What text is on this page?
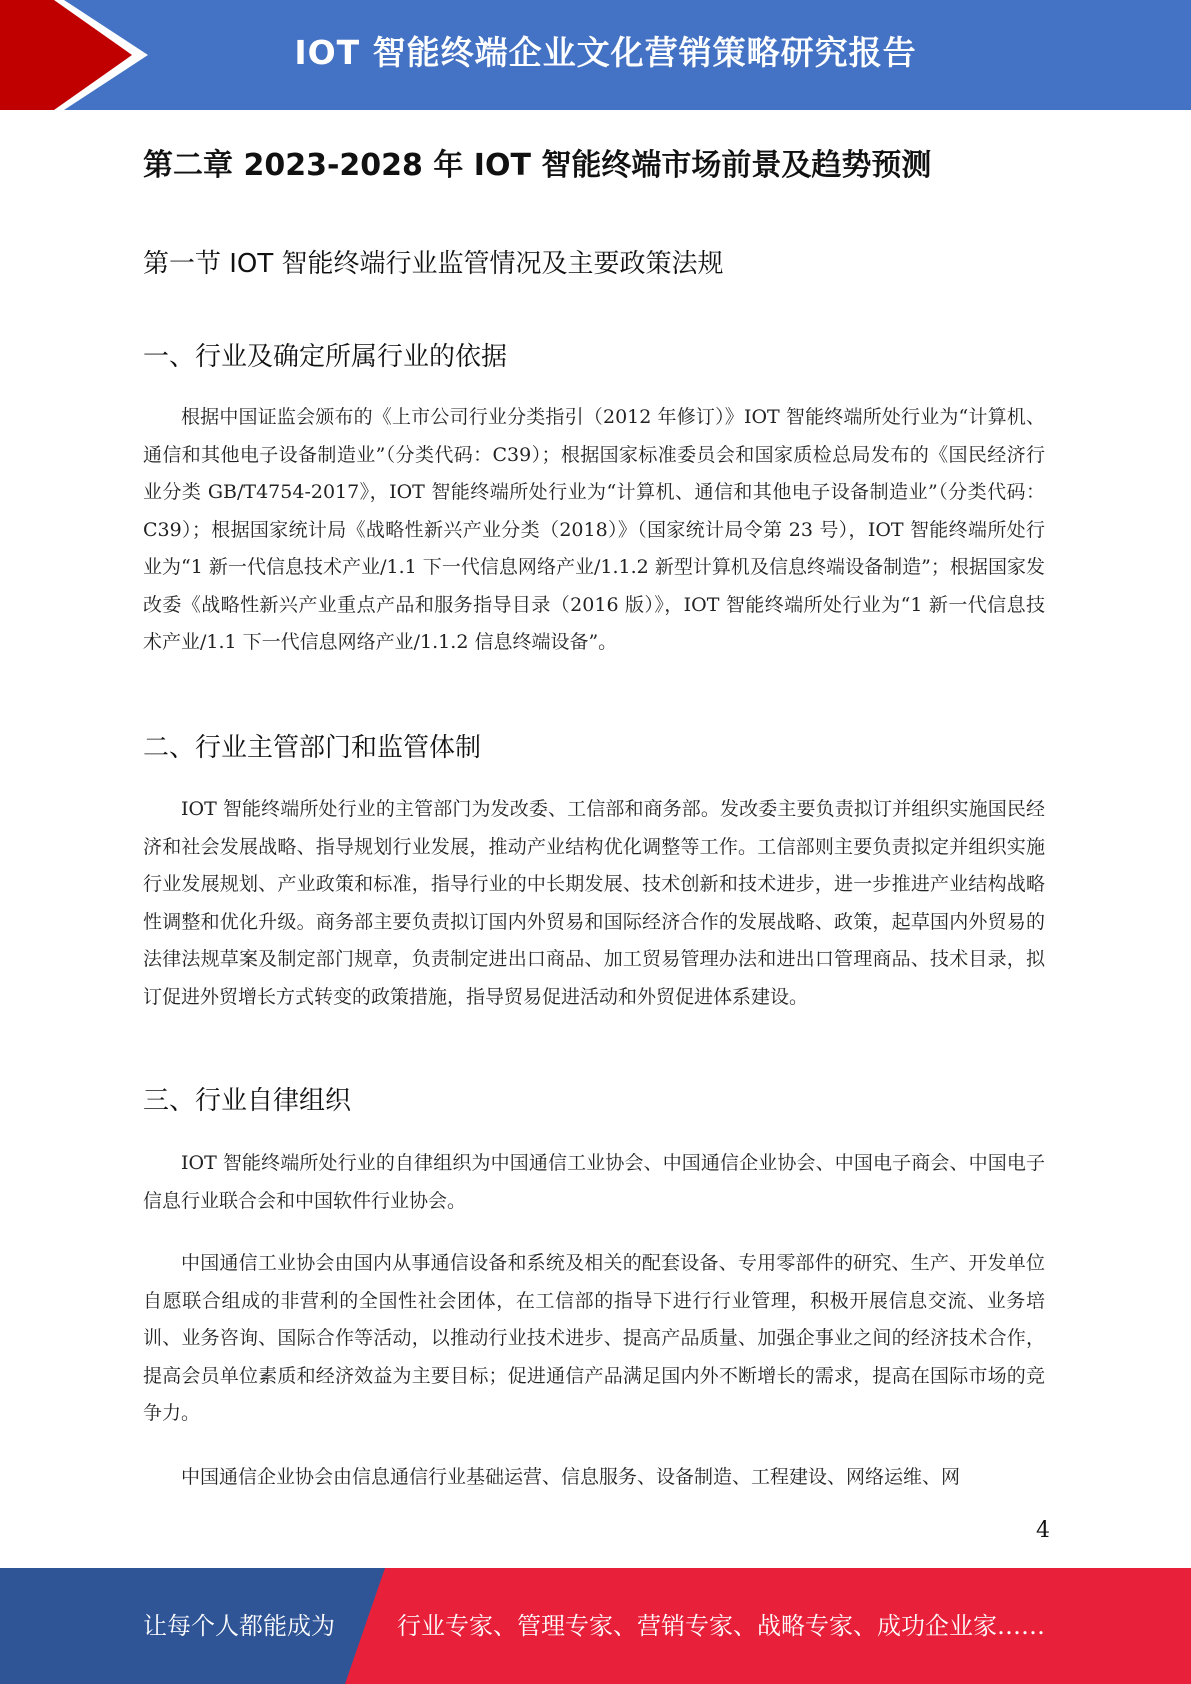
IOT 智能终端企业文化营销策略研究报告
第二章 2023-2028 年 IOT 智能终端市场前景及趋势预测
第一节 IOT 智能终端行业监管情况及主要政策法规
一、行业及确定所属行业的依据

根据中国证监会颁布的《上市公司行业分类指引（2012 年修订）》IOT 智能终端所处行业为“计算机、通信和其他电子设备制造业”（分类代码：C39）；根据国家标准委员会和国家质检总局发布的《国民经济行业分类 GB/T4754-2017》，IOT 智能终端所处行业为“计算机、通信和其他电子设备制造业”（分类代码：C39）；根据国家统计局《战略性新兴产业分类（2018）》（国家统计局令第 23 号），IOT 智能终端所处行业为“1 新一代信息技术产业/1.1 下一代信息网络产业/1.1.2 新型计算机及信息终端设备制造”；根据国家发改委《战略性新兴产业重点产品和服务指导目录（2016 版）》，IOT 智能终端所处行业为“1 新一代信息技术产业/1.1 下一代信息网络产业/1.1.2 信息终端设备”。

二、行业主管部门和监管体制

IOT 智能终端所处行业的主管部门为发改委、工信部和商务部。发改委主要负责拟订并组织实施国民经济和社会发展战略、指导规划行业发展，推动产业结构优化调整等工作。工信部则主要负责拟定并组织实施行业发展规划、产业政策和标准，指导行业的中长期发展、技术创新和技术进步，进一步推进产业结构战略性调整和优化升级。商务部主要负责拟订国内外贸易和国际经济合作的发展战略、政策，起草国内外贸易的法律法规草案及制定部门规章，负责制定进出口商品、加工贸易管理办法和进出口管理商品、技术目录，拟订促进外贸增长方式转变的政策措施，指导贸易促进活动和外贸促进体系建设。

三、行业自律组织

IOT 智能终端所处行业的自律组织为中国通信工业协会、中国通信企业协会、中国电子商会、中国电子信息行业联合会和中国软件行业协会。

中国通信工业协会由国内从事通信设备和系统及相关的配套设备、专用零部件的研究、生产、开发单位自愿联合组成的非营利的全国性社会团体，在工信部的指导下进行行业管理，积极开展信息交流、业务培训、业务咨询、国际合作等活动，以推动行业技术进步、提高产品质量、加强企事业之间的经济技术合作，提高会员单位素质和经济效益为主要目标；促进通信产品满足国内外不断增长的需求，提高在国际市场的竞争力。

中国通信企业协会由信息通信行业基础运营、信息服务、设备制造、工程建设、网络运维、网

4
让每个人都能成为	行业专家、管理专家、营销专家、战略专家、成功企业家……
